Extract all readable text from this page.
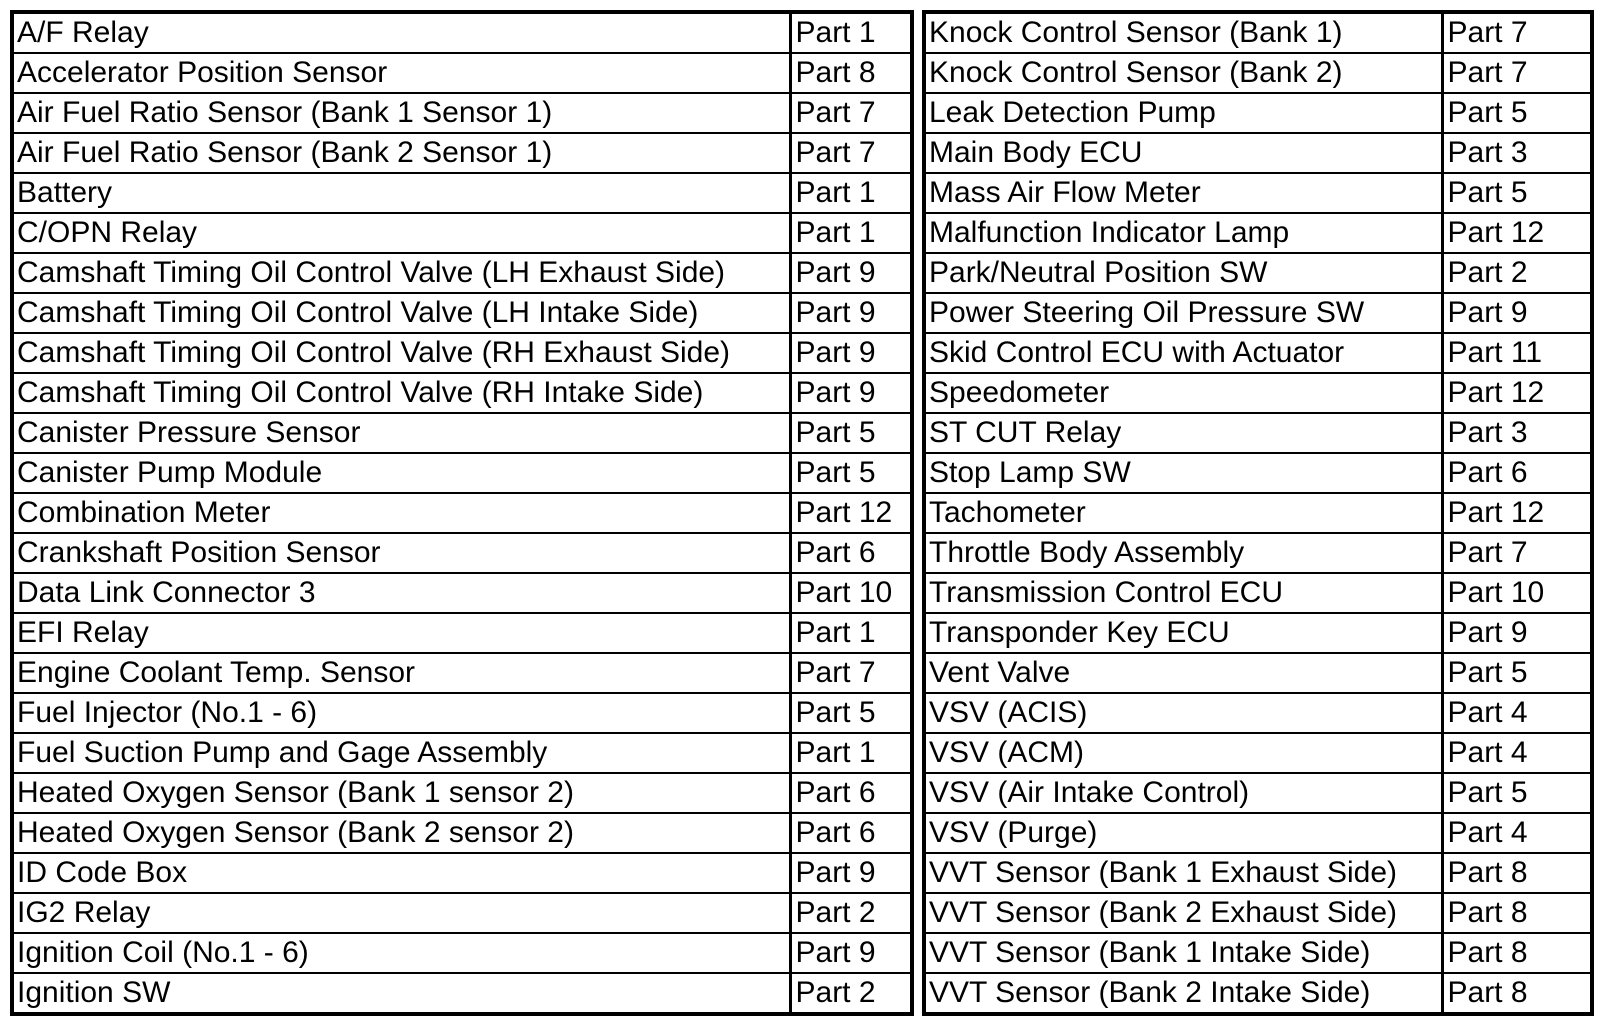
A/F Relay	Part 1
Accelerator Position Sensor	Part 8
Air Fuel Ratio Sensor (Bank 1 Sensor 1)	Part 7
Air Fuel Ratio Sensor (Bank 2 Sensor 1)	Part 7
Battery	Part 1
C/OPN Relay	Part 1
Camshaft Timing Oil Control Valve (LH Exhaust Side)	Part 9
Camshaft Timing Oil Control Valve (LH Intake Side)	Part 9
Camshaft Timing Oil Control Valve (RH Exhaust Side)	Part 9
Camshaft Timing Oil Control Valve (RH Intake Side)	Part 9
Canister Pressure Sensor	Part 5
Canister Pump Module	Part 5
Combination Meter	Part 12
Crankshaft Position Sensor	Part 6
Data Link Connector 3	Part 10
EFI Relay	Part 1
Engine Coolant Temp. Sensor	Part 7
Fuel Injector (No.1 - 6)	Part 5
Fuel Suction Pump and Gage Assembly	Part 1
Heated Oxygen Sensor (Bank 1 sensor 2)	Part 6
Heated Oxygen Sensor (Bank 2 sensor 2)	Part 6
ID Code Box	Part 9
IG2 Relay	Part 2
Ignition Coil (No.1 - 6)	Part 9
Ignition SW	Part 2
Knock Control Sensor (Bank 1)	Part 7
Knock Control Sensor (Bank 2)	Part 7
Leak Detection Pump	Part 5
Main Body ECU	Part 3
Mass Air Flow Meter	Part 5
Malfunction Indicator Lamp	Part 12
Park/Neutral Position SW	Part 2
Power Steering Oil Pressure SW	Part 9
Skid Control ECU with Actuator	Part 11
Speedometer	Part 12
ST CUT Relay	Part 3
Stop Lamp SW	Part 6
Tachometer	Part 12
Throttle Body Assembly	Part 7
Transmission Control ECU	Part 10
Transponder Key ECU	Part 9
Vent Valve	Part 5
VSV (ACIS)	Part 4
VSV (ACM)	Part 4
VSV (Air Intake Control)	Part 5
VSV (Purge)	Part 4
VVT Sensor (Bank 1 Exhaust Side)	Part 8
VVT Sensor (Bank 2 Exhaust Side)	Part 8
VVT Sensor (Bank 1 Intake Side)	Part 8
VVT Sensor (Bank 2 Intake Side)	Part 8
